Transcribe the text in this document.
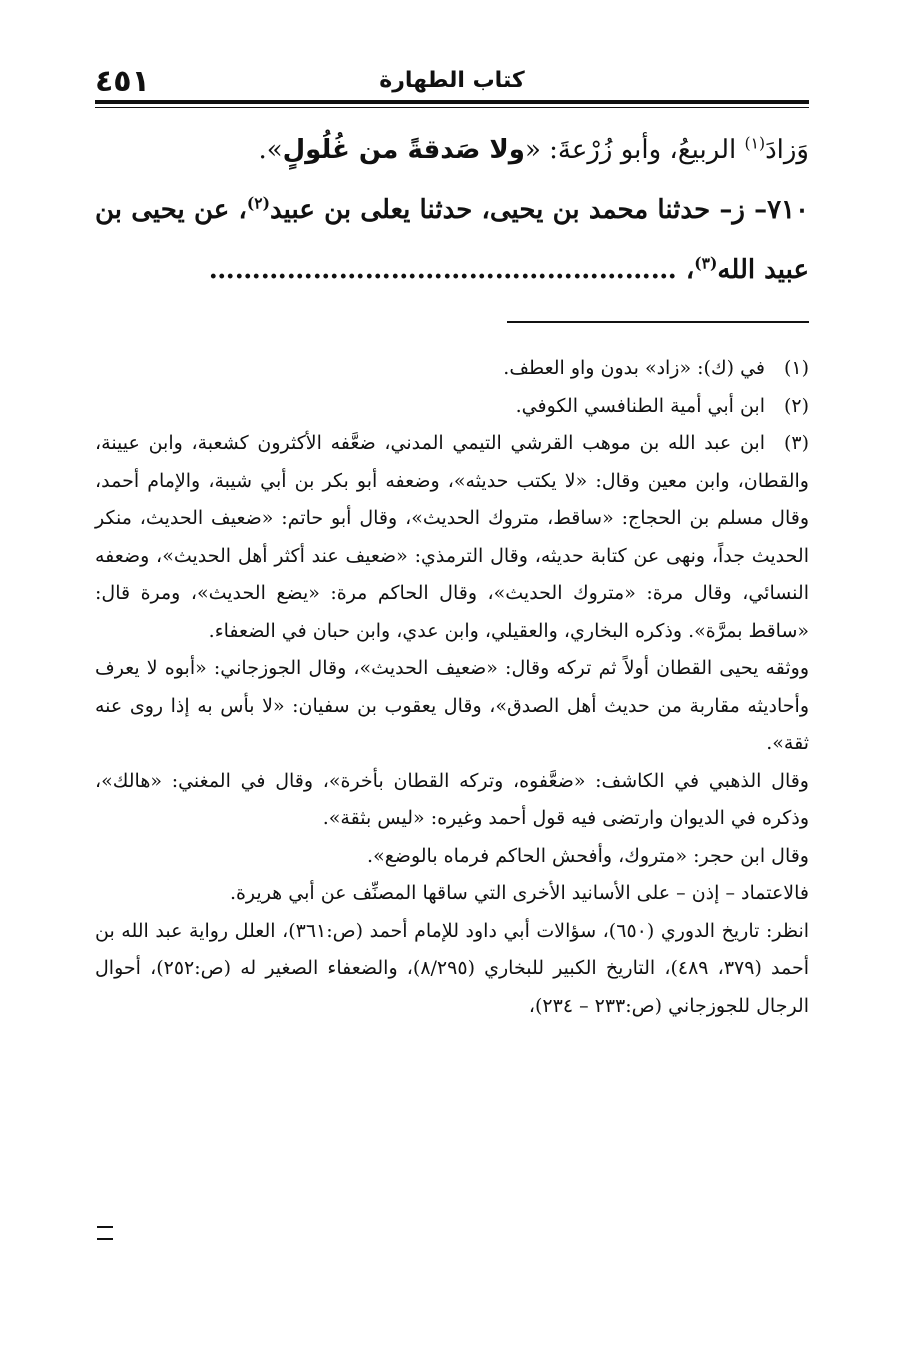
٤٥١	كتاب الطهارة

وَزادَ$^{(١)}$ الربيعُ، وأبو زُرْعةَ: «ولا صَدقةً من غُلُولٍ».

٧١٠– ز– حدثنا محمد بن يحيى، حدثنا يعلى بن عبيد$^{(٢)}$، عن يحيى بن عبيد الله$^{(٣)}$، ………………………………………………

(١)في (ك): «زاد» بدون واو العطف.

(٢)ابن أبي أمية الطنافسي الكوفي.

(٣)ابن عبد الله بن موهب القرشي التيمي المدني، ضعَّفه الأكثرون كشعبة، وابن عيينة، والقطان، وابن معين وقال: «لا يكتب حديثه»، وضعفه أبو بكر بن أبي شيبة، والإمام أحمد، وقال مسلم بن الحجاج: «ساقط، متروك الحديث»، وقال أبو حاتم: «ضعيف الحديث، منكر الحديث جداً، ونهى عن كتابة حديثه، وقال الترمذي: «ضعيف عند أكثر أهل الحديث»، وضعفه النسائي، وقال مرة: «متروك الحديث»، وقال الحاكم مرة: «يضع الحديث»، ومرة قال: «ساقط بمرَّة». وذكره البخاري، والعقيلي، وابن عدي، وابن حبان في الضعفاء.

ووثقه يحيى القطان أولاً ثم تركه وقال: «ضعيف الحديث»، وقال الجوزجاني: «أبوه لا يعرف وأحاديثه مقاربة من حديث أهل الصدق»، وقال يعقوب بن سفيان: «لا بأس به إذا روى عنه ثقة».

وقال الذهبي في الكاشف: «ضعَّفوه، وتركه القطان بأخرة»، وقال في المغني: «هالك»، وذكره في الديوان وارتضى فيه قول أحمد وغيره: «ليس بثقة».

وقال ابن حجر: «متروك، وأفحش الحاكم فرماه بالوضع».

فالاعتماد – إذن – على الأسانيد الأخرى التي ساقها المصنِّف عن أبي هريرة.

انظر: تاريخ الدوري (٦٥٠)، سؤالات أبي داود للإمام أحمد (ص:٣٦١)، العلل رواية عبد الله بن أحمد (٣٧٩، ٤٨٩)، التاريخ الكبير للبخاري (٨/٢٩٥)، والضعفاء الصغير له (ص:٢٥٢)، أحوال الرجال للجوزجاني (ص:٢٣٣ – ٢٣٤)،
